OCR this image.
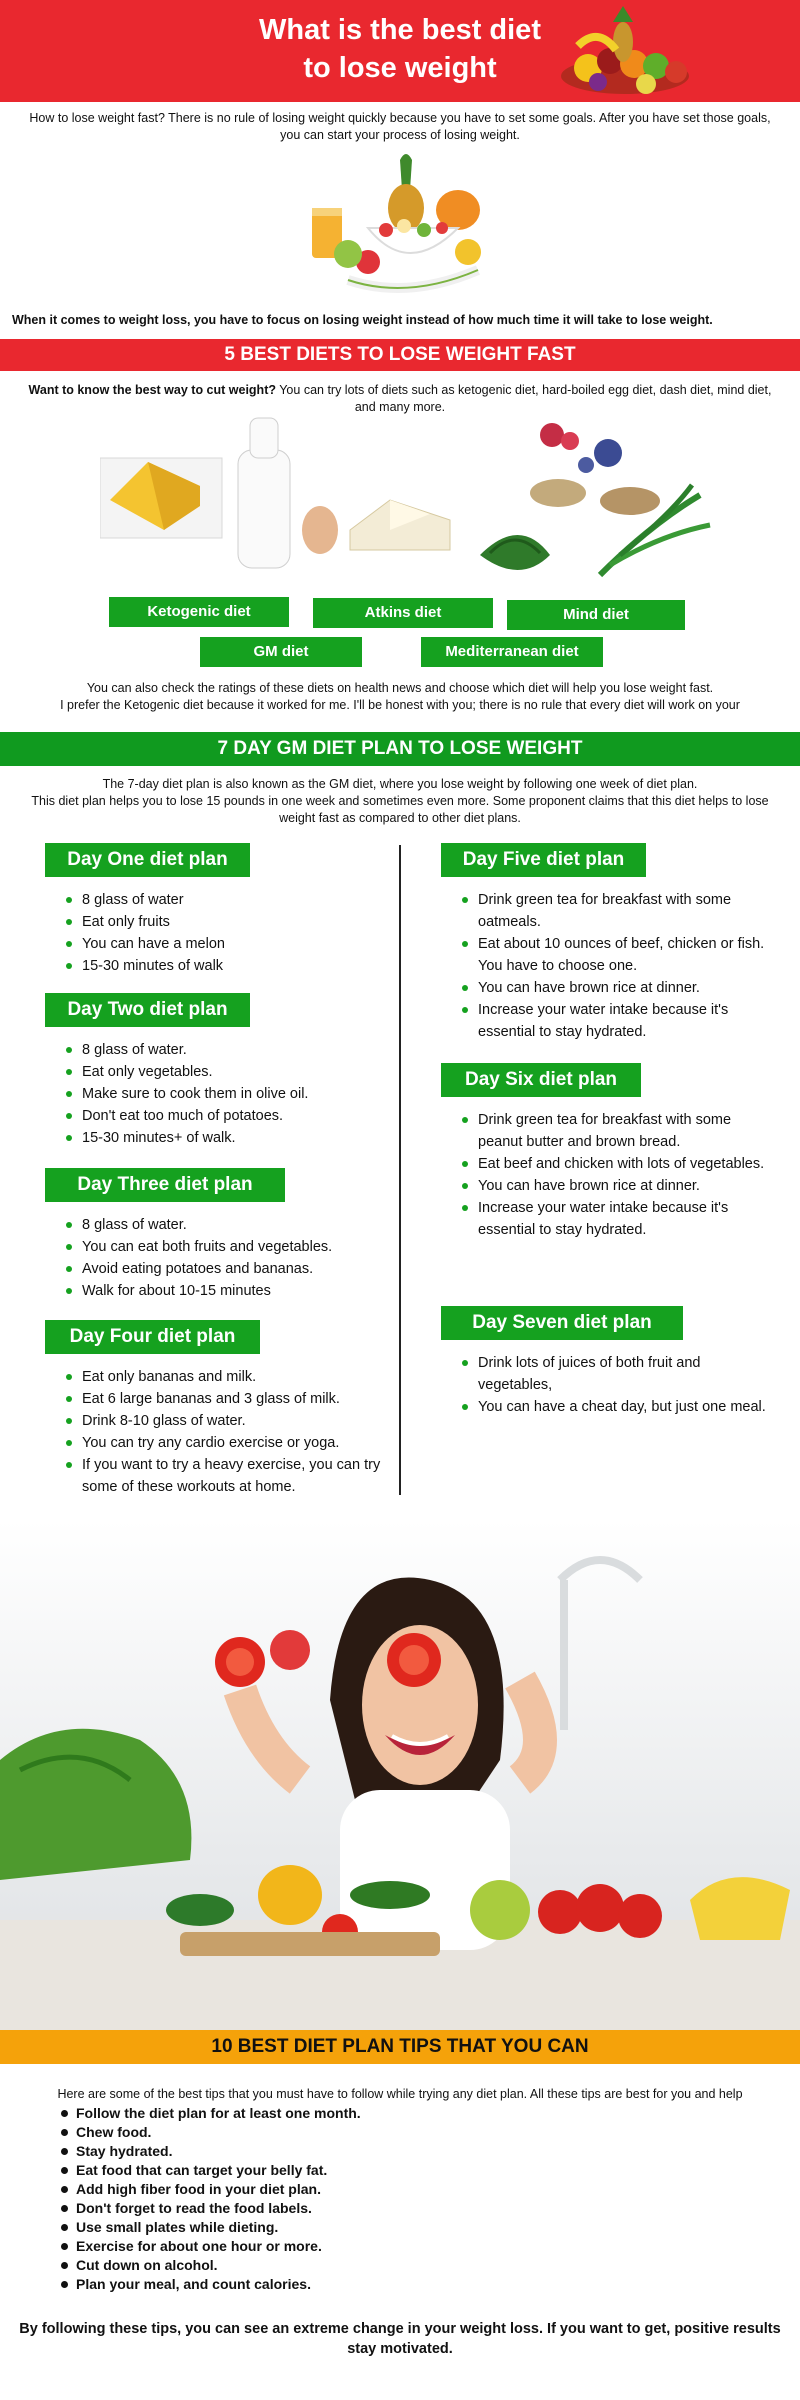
What is the best diet
to lose weight
How to lose weight fast? There is no rule of losing weight quickly because you have to set some goals. After you have set those goals, you can start your process of losing weight.
When it comes to weight loss, you have to focus on losing weight instead of how much time it will take to lose weight.
5 BEST DIETS TO LOSE WEIGHT FAST
Want to know the best way to cut weight? You can try lots of diets such as ketogenic diet, hard-boiled egg diet, dash diet, mind diet, and many more.
Ketogenic diet	Atkins diet	Mind diet
GM diet	Mediterranean diet
You can also check the ratings of these diets on health news and choose which diet will help you lose weight fast.
I prefer the Ketogenic diet because it worked for me. I'll be honest with you; there is no rule that every diet will work on your
7 DAY GM DIET PLAN TO LOSE WEIGHT
The 7-day diet plan is also known as the GM diet, where you lose weight by following one week of diet plan.
This diet plan helps you to lose 15 pounds in one week and sometimes even more. Some proponent claims that this diet helps to lose weight fast as compared to other diet plans.
Day One diet plan
8 glass of water
Eat only fruits
You can have a melon
15-30 minutes of walk
Day Two diet plan
8 glass of water.
Eat only vegetables.
Make sure to cook them in olive oil.
Don't eat too much of potatoes.
15-30 minutes+ of walk.
Day Three diet plan
8 glass of water.
You can eat both fruits and vegetables.
Avoid eating potatoes and bananas.
Walk for about 10-15 minutes
Day Four diet plan
Eat only bananas and milk.
Eat 6 large bananas and 3 glass of milk.
Drink 8-10 glass of water.
You can try any cardio exercise or yoga.
If you want to try a heavy exercise, you can try some of these workouts at home.
Day Five diet plan
Drink green tea for breakfast with some oatmeals.
Eat about 10 ounces of beef, chicken or fish. You have to choose one.
You can have brown rice at dinner.
Increase your water intake because it's essential to stay hydrated.
Day Six diet plan
Drink green tea for breakfast with some peanut butter and brown bread.
Eat beef and chicken with lots of vegetables.
You can have brown rice at dinner.
Increase your water intake because it's essential to stay hydrated.
Day Seven diet plan
Drink lots of juices of both fruit and vegetables,
You can have a cheat day, but just one meal.
10 BEST DIET PLAN TIPS THAT YOU CAN
Here are some of the best tips that you must have to follow while trying any diet plan. All these tips are best for you and help
Follow the diet plan for at least one month.
Chew food.
Stay hydrated.
Eat food that can target your belly fat.
Add high fiber food in your diet plan.
Don't forget to read the food labels.
Use small plates while dieting.
Exercise for about one hour or more.
Cut down on alcohol.
Plan your meal, and count calories.
By following these tips, you can see an extreme change in your weight loss. If you want to get, positive results stay motivated.
